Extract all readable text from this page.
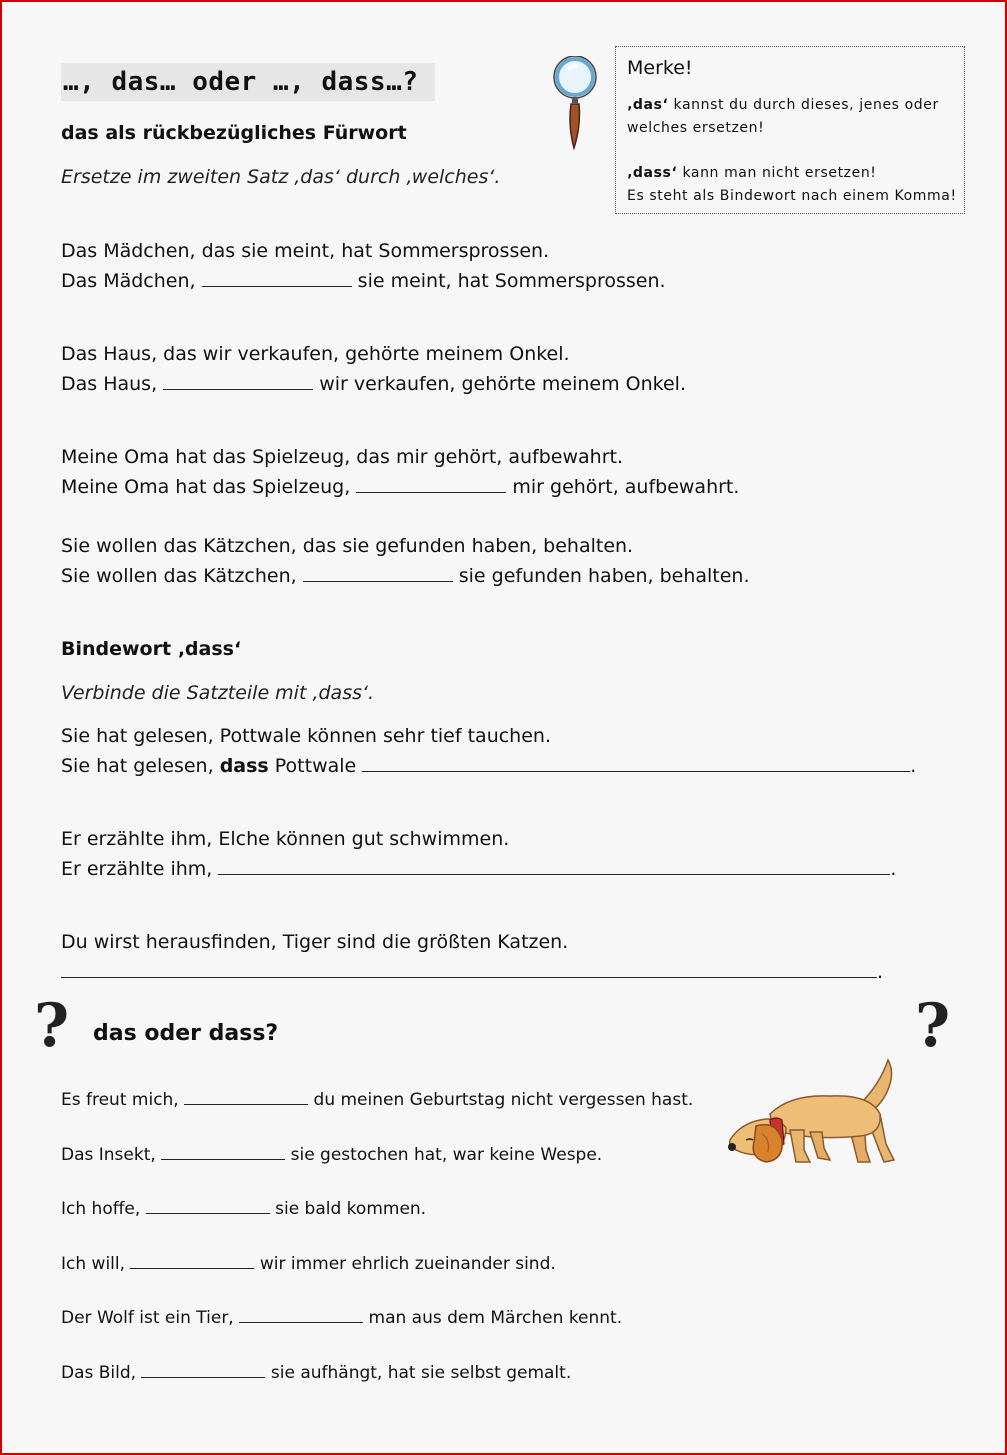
…, das… oder …, dass…?	Merke!
‚das‘ kannst du durch dieses, jenes oder
welches ersetzen!
‚dass‘ kann man nicht ersetzen!
Es steht als Bindewort nach einem Komma!
das als rückbezügliches Fürwort
Ersetze im zweiten Satz ‚das‘ durch ‚welches‘.
Das Mädchen, das sie meint, hat Sommersprossen.
Das Mädchen,	sie meint, hat Sommersprossen.
Das Haus, das wir verkaufen, gehörte meinem Onkel.
Das Haus,	wir verkaufen, gehörte meinem Onkel.
Meine Oma hat das Spielzeug, das mir gehört, aufbewahrt.
Meine Oma hat das Spielzeug,	mir gehört, aufbewahrt.
Sie wollen das Kätzchen, das sie gefunden haben, behalten.
Sie wollen das Kätzchen,	sie gefunden haben, behalten.
Bindewort ‚dass‘
Verbinde die Satzteile mit ‚dass‘.
Sie hat gelesen, Pottwale können sehr tief tauchen.
Sie hat gelesen, dass Pottwale	.
Er erzählte ihm, Elche können gut schwimmen.
Er erzählte ihm,	.
Du wirst herausfinden, Tiger sind die größten Katzen.
.
?	?
das oder dass?
Es freut mich,	du meinen Geburtstag nicht vergessen hast.
Das Insekt,	sie gestochen hat, war keine Wespe.
Ich hoffe,	sie bald kommen.
Ich will,	wir immer ehrlich zueinander sind.
Der Wolf ist ein Tier,	man aus dem Märchen kennt.
Das Bild,	sie aufhängt, hat sie selbst gemalt.
